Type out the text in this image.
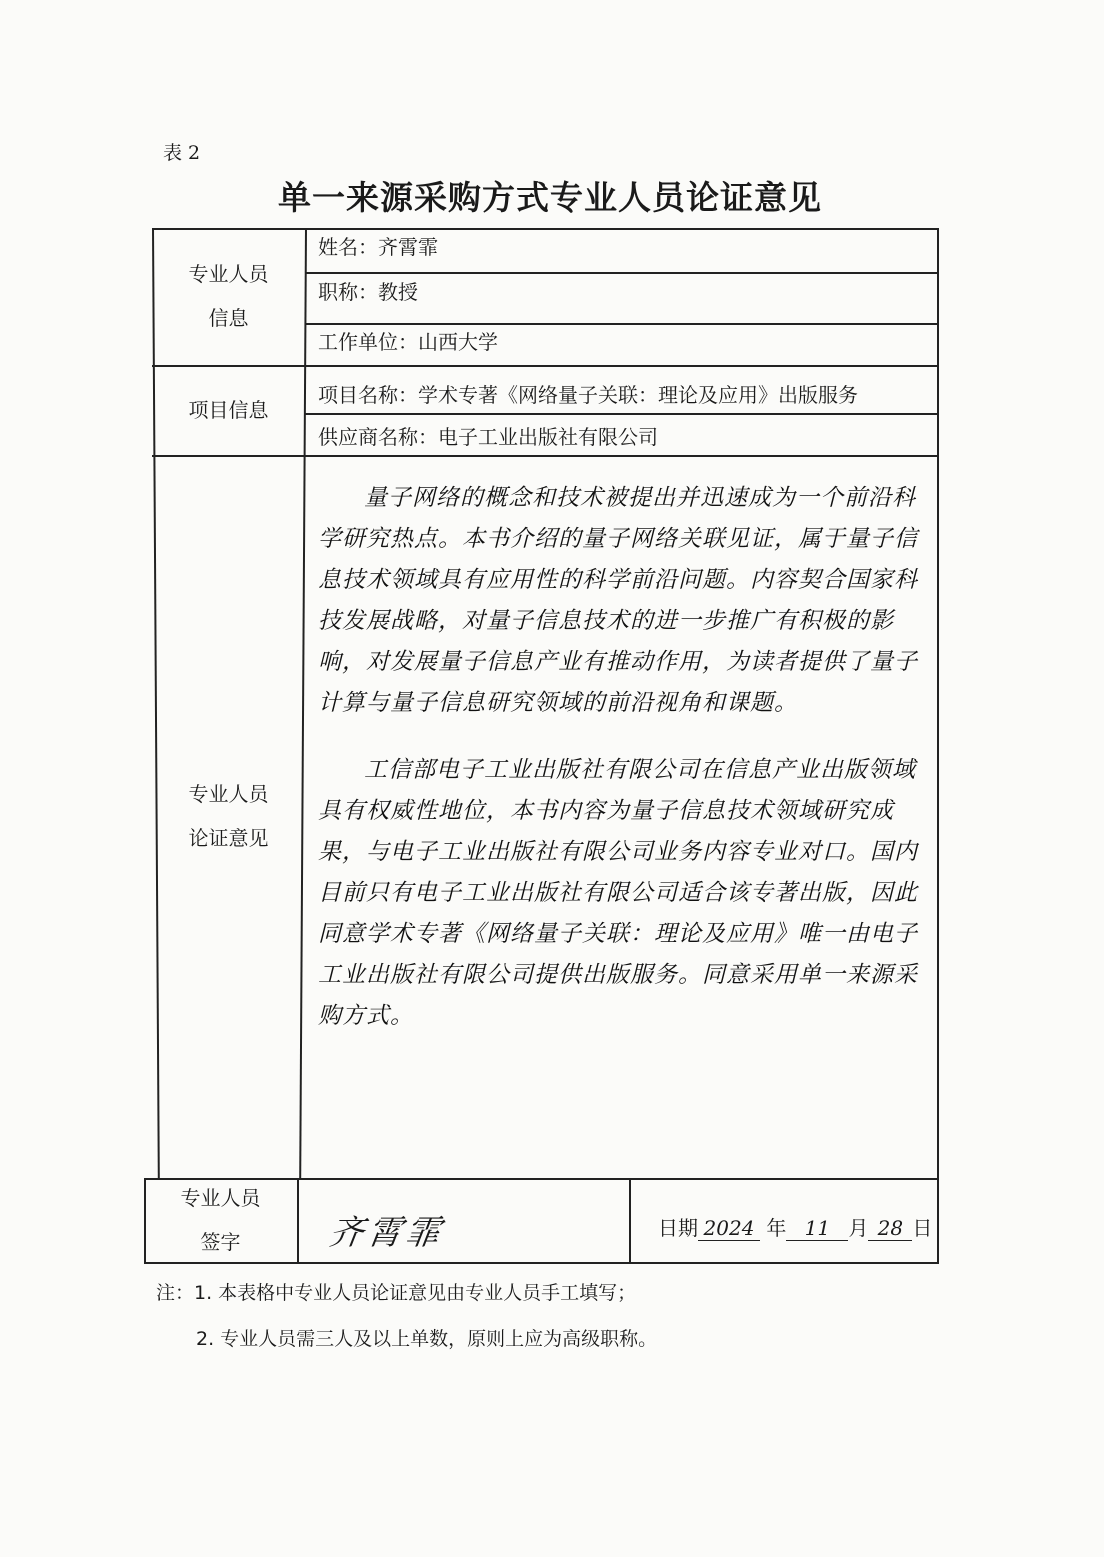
表 2
单一来源采购方式专业人员论证意见
专业人员
信息
姓名：齐霄霏
职称：教授
工作单位：山西大学
项目信息
项目名称：学术专著《网络量子关联：理论及应用》出版服务
供应商名称：电子工业出版社有限公司
专业人员
论证意见

量子网络的概念和技术被提出并迅速成为一个前沿科学研究热点。本书介绍的量子网络关联见证，属于量子信息技术领域具有应用性的科学前沿问题。内容契合国家科技发展战略，对量子信息技术的进一步推广有积极的影响，对发展量子信息产业有推动作用，为读者提供了量子计算与量子信息研究领域的前沿视角和课题。

工信部电子工业出版社有限公司在信息产业出版领域具有权威性地位，本书内容为量子信息技术领域研究成果，与电子工业出版社有限公司业务内容专业对口。国内目前只有电子工业出版社有限公司适合该专著出版，因此同意学术专著《网络量子关联：理论及应用》唯一由电子工业出版社有限公司提供出版服务。同意采用单一来源采购方式。

专业人员
签字	齐霄霏	日期 2024 年 11 月 28 日
注：1. 本表格中专业人员论证意见由专业人员手工填写；
2. 专业人员需三人及以上单数，原则上应为高级职称。
